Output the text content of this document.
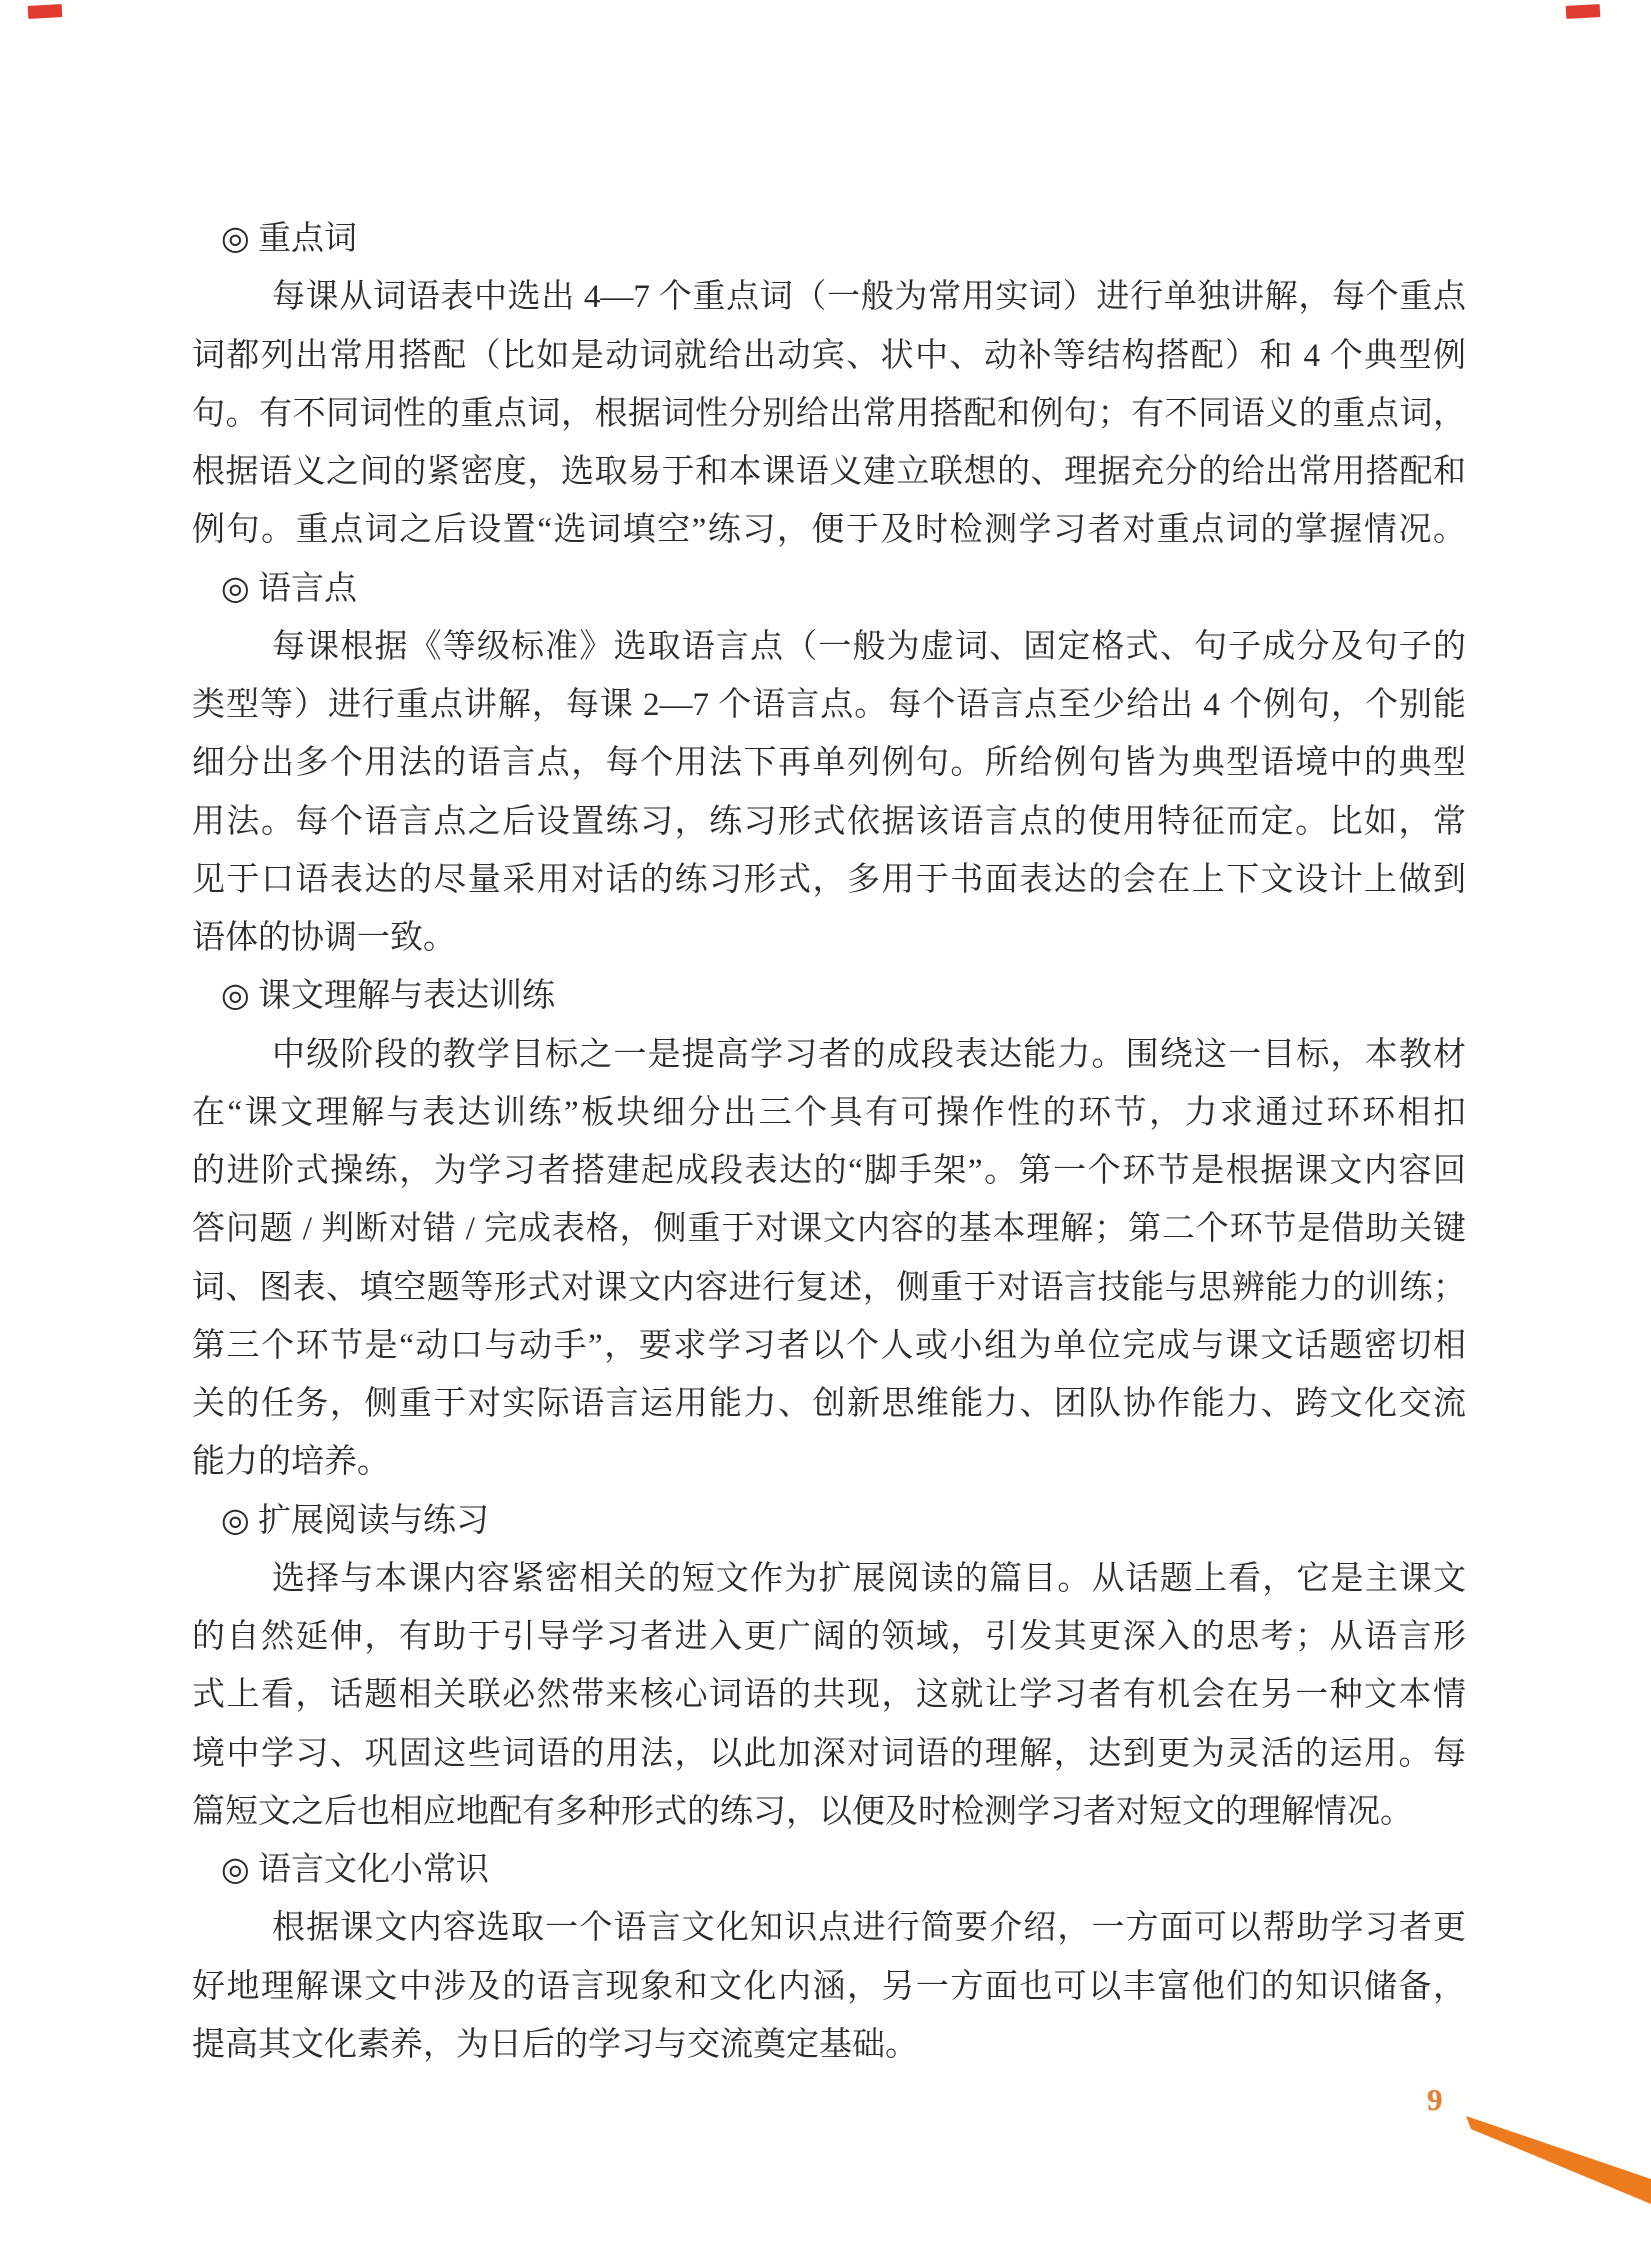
◎ 重点词
每课从词语表中选出 4—7 个重点词（一般为常用实词）进行单独讲解，每个重点
词都列出常用搭配（比如是动词就给出动宾、状中、动补等结构搭配）和 4 个典型例
句。有不同词性的重点词，根据词性分别给出常用搭配和例句；有不同语义的重点词，
根据语义之间的紧密度，选取易于和本课语义建立联想的、理据充分的给出常用搭配和
例句。重点词之后设置“选词填空”练习，便于及时检测学习者对重点词的掌握情况。
◎ 语言点
每课根据《等级标准》选取语言点（一般为虚词、固定格式、句子成分及句子的
类型等）进行重点讲解，每课 2—7 个语言点。每个语言点至少给出 4 个例句，个别能
细分出多个用法的语言点，每个用法下再单列例句。所给例句皆为典型语境中的典型
用法。每个语言点之后设置练习，练习形式依据该语言点的使用特征而定。比如，常
见于口语表达的尽量采用对话的练习形式，多用于书面表达的会在上下文设计上做到
语体的协调一致。
◎ 课文理解与表达训练
中级阶段的教学目标之一是提高学习者的成段表达能力。围绕这一目标，本教材
在“课文理解与表达训练”板块细分出三个具有可操作性的环节，力求通过环环相扣
的进阶式操练，为学习者搭建起成段表达的“脚手架”。第一个环节是根据课文内容回
答问题 / 判断对错 / 完成表格，侧重于对课文内容的基本理解；第二个环节是借助关键
词、图表、填空题等形式对课文内容进行复述，侧重于对语言技能与思辨能力的训练；
第三个环节是“动口与动手”，要求学习者以个人或小组为单位完成与课文话题密切相
关的任务，侧重于对实际语言运用能力、创新思维能力、团队协作能力、跨文化交流
能力的培养。
◎ 扩展阅读与练习
选择与本课内容紧密相关的短文作为扩展阅读的篇目。从话题上看，它是主课文
的自然延伸，有助于引导学习者进入更广阔的领域，引发其更深入的思考；从语言形
式上看，话题相关联必然带来核心词语的共现，这就让学习者有机会在另一种文本情
境中学习、巩固这些词语的用法，以此加深对词语的理解，达到更为灵活的运用。每
篇短文之后也相应地配有多种形式的练习，以便及时检测学习者对短文的理解情况。
◎ 语言文化小常识
根据课文内容选取一个语言文化知识点进行简要介绍，一方面可以帮助学习者更
好地理解课文中涉及的语言现象和文化内涵，另一方面也可以丰富他们的知识储备，
提高其文化素养，为日后的学习与交流奠定基础。
9
